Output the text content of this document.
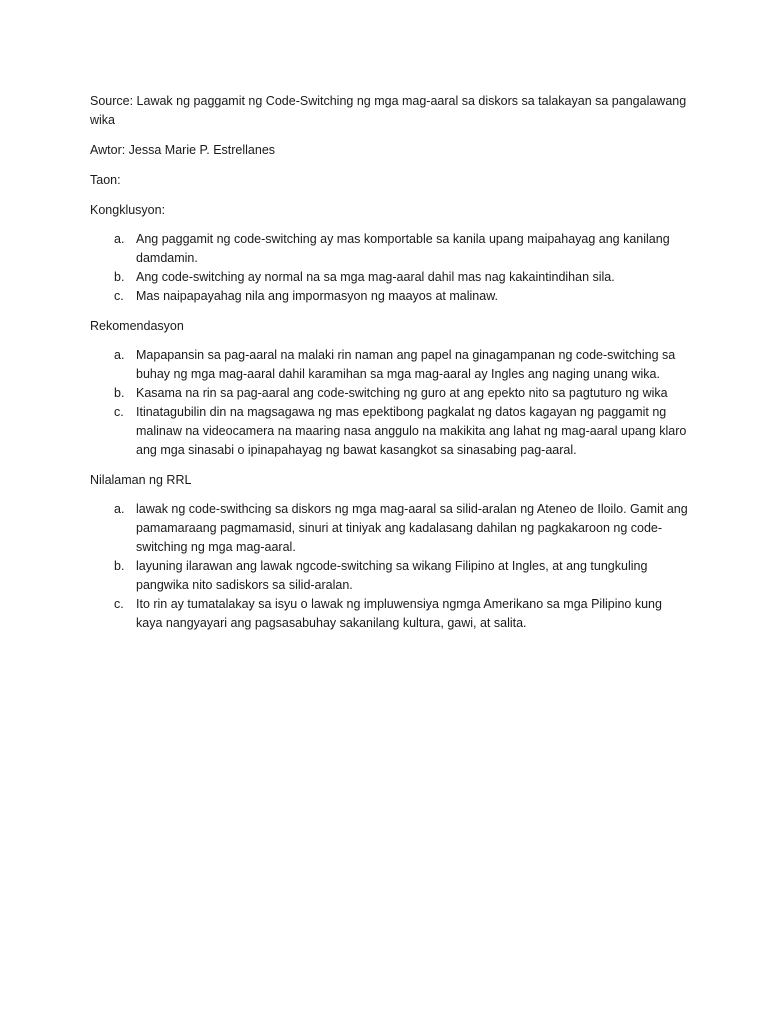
Source: Lawak ng paggamit ng Code-Switching ng mga mag-aaral sa diskors sa talakayan sa pangalawang wika

Awtor: Jessa Marie P. Estrellanes

Taon:

Kongklusyon:

a. Ang paggamit ng code-switching ay mas komportable sa kanila upang maipahayag ang kanilang damdamin.
b. Ang code-switching ay normal na sa mga mag-aaral dahil mas nag kakaintindihan sila.
c. Mas naipapayahag nila ang impormasyon ng maayos at malinaw.

Rekomendasyon

a. Mapapansin sa pag-aaral na malaki rin naman ang papel na ginagampanan ng code-switching sa buhay ng mga mag-aaral dahil karamihan sa mga mag-aaral ay Ingles ang naging unang wika.
b. Kasama na rin sa pag-aaral ang code-switching ng guro at ang epekto nito sa pagtuturo ng wika
c. Itinatagubilin din na magsagawa ng mas epektibong pagkalat ng datos kagayan ng paggamit ng malinaw na videocamera na maaring nasa anggulo na makikita ang lahat ng mag-aaral upang klaro ang mga sinasabi o ipinapahayag ng bawat kasangkot sa sinasabing pag-aaral.

Nilalaman ng RRL

a. lawak ng code-swithcing sa diskors ng mga mag-aaral sa silid-aralan ng Ateneo de Iloilo. Gamit ang pamamaraang pagmamasid, sinuri at tiniyak ang kadalasang dahilan ng pagkakaroon ng code-switching ng mga mag-aaral.
b. layuning ilarawan ang lawak ngcode-switching sa wikang Filipino at Ingles, at ang tungkuling pangwika nito sadiskors sa silid-aralan.
c. Ito rin ay tumatalakay sa isyu o lawak ng impluwensiya ngmga Amerikano sa mga Pilipino kung kaya nangyayari ang pagsasabuhay sakanilang kultura, gawi, at salita.
